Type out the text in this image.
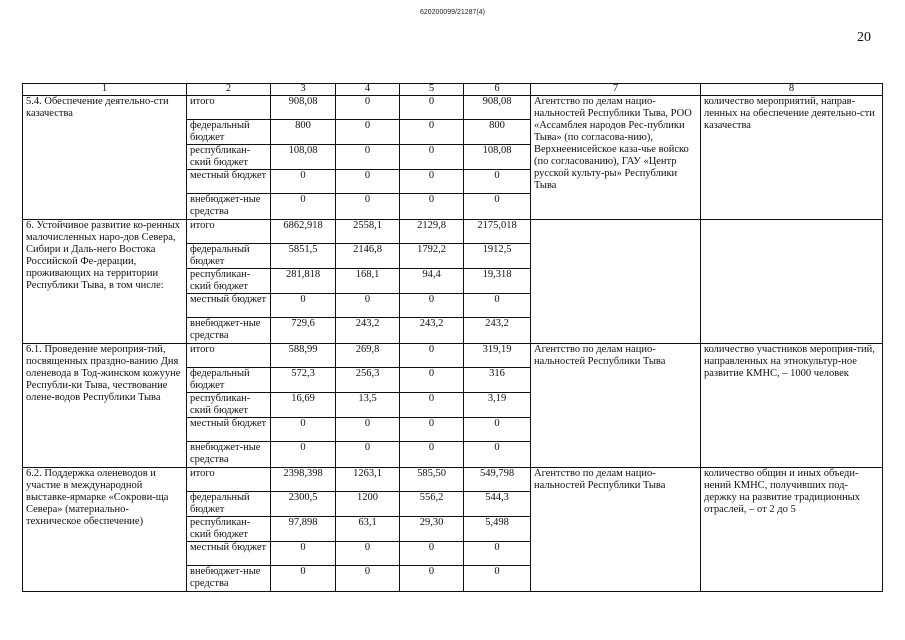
620200099/21287(4)
20
1	2	3	4	5	6	7	8
5.4. Обеспечение деятельно-сти казачества	итого	908,08	0	0	908,08	Агентство по делам нацио-нальностей Республики Тыва, РОО «Ассамблея народов Рес-публики Тыва» (по согласова-нию), Верхнеенисейское каза-чье войско (по согласованию), ГАУ «Центр русской культу-ры» Республики Тыва	количество мероприятий, направ-ленных на обеспечение деятельно-сти казачества
	федеральный бюджет	800	0	0	800		
	республикан-ский бюджет	108,08	0	0	108,08		
	местный бюджет	0	0	0	0		
	внебюджет-ные средства	0	0	0	0		
6. Устойчивое развитие ко-ренных малочисленных наро-дов Севера, Сибири и Даль-него Востока Российской Фе-дерации, проживающих на территории Республики Тыва, в том числе:	итого	6862,918	2558,1	2129,8	2175,018		
	федеральный бюджет	5851,5	2146,8	1792,2	1912,5		
	республикан-ский бюджет	281,818	168,1	94,4	19,318		
	местный бюджет	0	0	0	0		
	внебюджет-ные средства	729,6	243,2	243,2	243,2		
6.1. Проведение мероприя-тий, посвященных праздно-ванию Дня оленевода в Тод-жинском кожууне Республи-ки Тыва, чествование олене-водов Республики Тыва	итого	588,99	269,8	0	319,19	Агентство по делам нацио-нальностей Республики Тыва	количество участников мероприя-тий, направленных на этнокультур-ное развитие КМНС, – 1000 человек
	федеральный бюджет	572,3	256,3	0	316		
	республикан-ский бюджет	16,69	13,5	0	3,19		
	местный бюджет	0	0	0	0		
	внебюджет-ные средства	0	0	0	0		
6.2. Поддержка оленеводов и участие в международной выставке-ярмарке «Сокрови-ща Севера» (материально-техническое обеспечение)	итого	2398,398	1263,1	585,50	549,798	Агентство по делам нацио-нальностей Республики Тыва	количество общин и иных объеди-нений КМНС, получивших под-держку на развитие традиционных отраслей, – от 2 до 5
	федеральный бюджет	2300,5	1200	556,2	544,3		
	республикан-ский бюджет	97,898	63,1	29,30	5,498		
	местный бюджет	0	0	0	0		
	внебюджет-ные средства	0	0	0	0		
